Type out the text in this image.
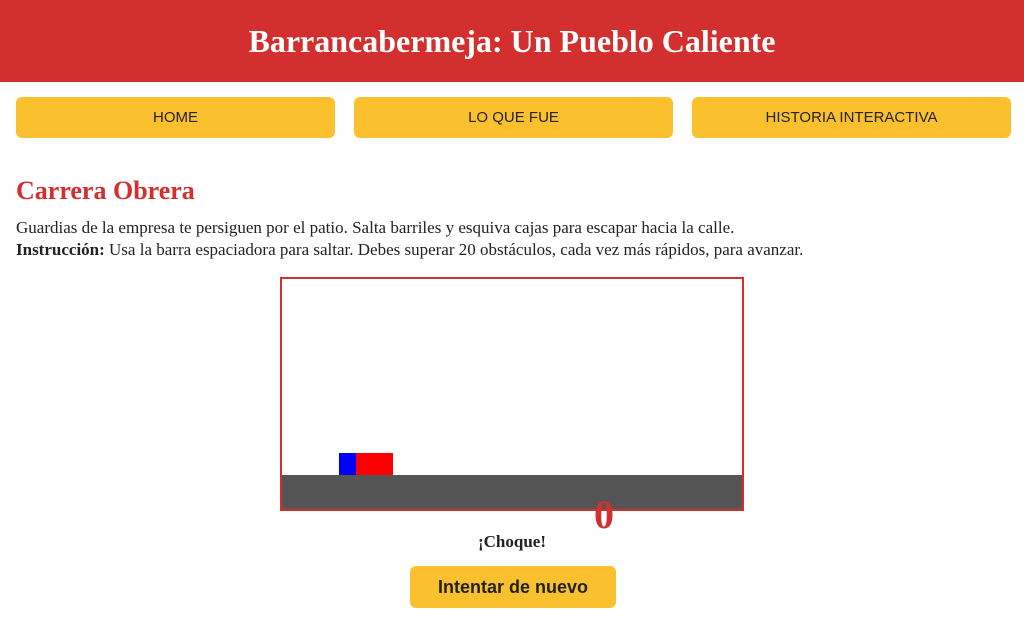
Barrancabermeja: Un Pueblo Caliente
HOME	LO QUE FUE	HISTORIA INTERACTIVA
Carrera Obrera
Guardias de la empresa te persiguen por el patio. Salta barriles y esquiva cajas para escapar hacia la calle.
Instrucción: Usa la barra espaciadora para saltar. Debes superar 20 obstáculos, cada vez más rápidos, para avanzar.
0
¡Choque!
Intentar de nuevo
